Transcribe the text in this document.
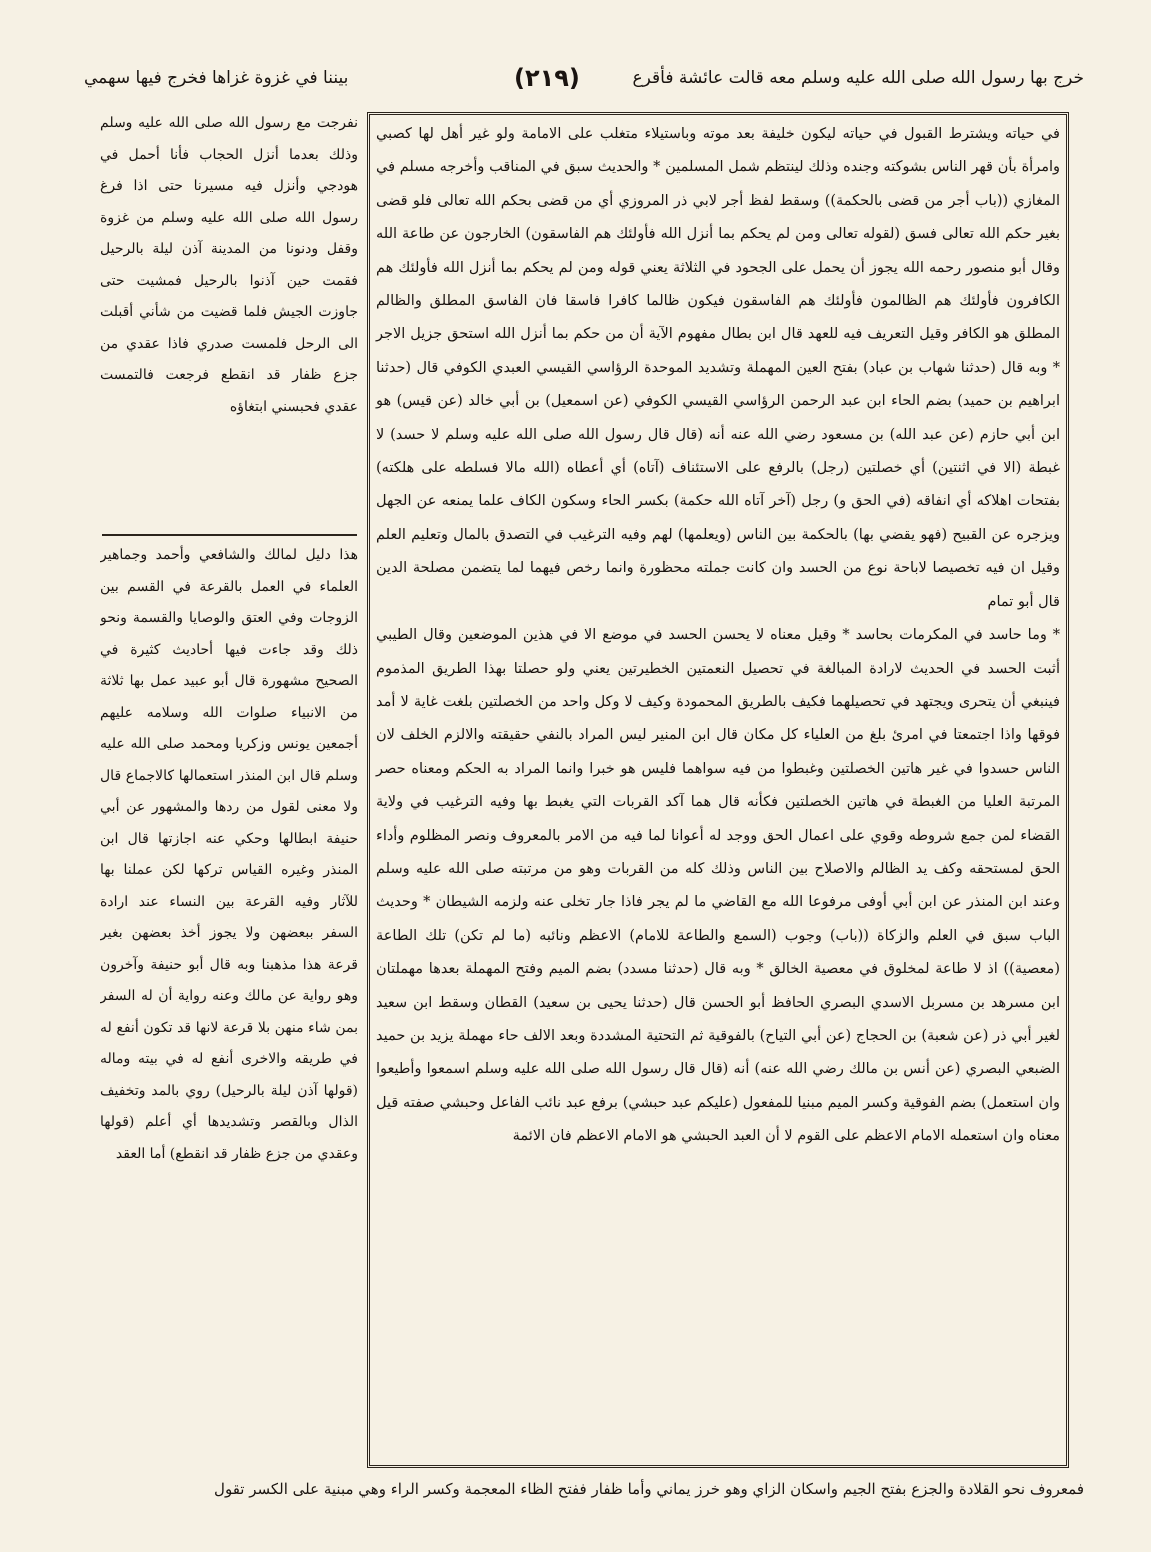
خرج بها رسول الله صلى الله عليه وسلم معه قالت عائشة فأقرع
(٢١٩)
بيننا في غزوة غزاها فخرج فيها سهمي

في حياته ويشترط القبول في حياته ليكون خليفة بعد موته وباستيلاء متغلب على الامامة ولو غير أهل لها كصبي وامرأة بأن قهر الناس بشوكته وجنده وذلك لينتظم شمل المسلمين * والحديث سبق في المناقب وأخرجه مسلم في المغازي ((باب أجر من قضى بالحكمة)) وسقط لفظ أجر لابي ذر المروزي أي من قضى بحكم الله تعالى فلو قضى بغير حكم الله تعالى فسق (لقوله تعالى ومن لم يحكم بما أنزل الله فأولئك هم الفاسقون) الخارجون عن طاعة الله وقال أبو منصور رحمه الله يجوز أن يحمل على الجحود في الثلاثة يعني قوله ومن لم يحكم بما أنزل الله فأولئك هم الكافرون فأولئك هم الظالمون فأولئك هم الفاسقون فيكون ظالما كافرا فاسقا فان الفاسق المطلق والظالم المطلق هو الكافر وقيل التعريف فيه للعهد قال ابن بطال مفهوم الآية أن من حكم بما أنزل الله استحق جزيل الاجر * وبه قال (حدثنا شهاب بن عباد) بفتح العين المهملة وتشديد الموحدة الرؤاسي القيسي العبدي الكوفي قال (حدثنا ابراهيم بن حميد) بضم الحاء ابن عبد الرحمن الرؤاسي القيسي الكوفي (عن اسمعيل) بن أبي خالد (عن قيس) هو ابن أبي حازم (عن عبد الله) بن مسعود رضي الله عنه أنه (قال قال رسول الله صلى الله عليه وسلم لا حسد) لا غبطة (الا في اثنتين) أي خصلتين (رجل) بالرفع على الاستئناف (آتاه) أي أعطاه (الله مالا فسلطه على هلكته) بفتحات اهلاكه أي انفاقه (في الحق و) رجل (آخر آتاه الله حكمة) بكسر الحاء وسكون الكاف علما يمنعه عن الجهل ويزجره عن القبيح (فهو يقضي بها) بالحكمة بين الناس (ويعلمها) لهم وفيه الترغيب في التصدق بالمال وتعليم العلم وقيل ان فيه تخصيصا لاباحة نوع من الحسد وان كانت جملته محظورة وانما رخص فيهما لما يتضمن مصلحة الدين قال أبو تمام

* وما حاسد في المكرمات بحاسد * وقيل معناه لا يحسن الحسد في موضع الا في هذين الموضعين وقال الطيبي أثبت الحسد في الحديث لارادة المبالغة في تحصيل النعمتين الخطيرتين يعني ولو حصلتا بهذا الطريق المذموم فينبغي أن يتحرى ويجتهد في تحصيلهما فكيف بالطريق المحمودة وكيف لا وكل واحد من الخصلتين بلغت غاية لا أمد فوقها واذا اجتمعتا في امرئ بلغ من العلياء كل مكان قال ابن المنير ليس المراد بالنفي حقيقته والالزم الخلف لان الناس حسدوا في غير هاتين الخصلتين وغبطوا من فيه سواهما فليس هو خبرا وانما المراد به الحكم ومعناه حصر المرتبة العليا من الغبطة في هاتين الخصلتين فكأنه قال هما آكد القربات التي يغبط بها وفيه الترغيب في ولاية القضاء لمن جمع شروطه وقوي على اعمال الحق ووجد له أعوانا لما فيه من الامر بالمعروف ونصر المظلوم وأداء الحق لمستحقه وكف يد الظالم والاصلاح بين الناس وذلك كله من القربات وهو من مرتبته صلى الله عليه وسلم وعند ابن المنذر عن ابن أبي أوفى مرفوعا الله مع القاضي ما لم يجر فاذا جار تخلى عنه ولزمه الشيطان * وحديث الباب سبق في العلم والزكاة ((باب) وجوب (السمع والطاعة للامام) الاعظم ونائبه (ما لم تكن) تلك الطاعة (معصية)) اذ لا طاعة لمخلوق في معصية الخالق * وبه قال (حدثنا مسدد) بضم الميم وفتح المهملة بعدها مهملتان ابن مسرهد بن مسربل الاسدي البصري الحافظ أبو الحسن قال (حدثنا يحيى بن سعيد) القطان وسقط ابن سعيد لغير أبي ذر (عن شعبة) بن الحجاج (عن أبي التياح) بالفوقية ثم التحتية المشددة وبعد الالف حاء مهملة يزيد بن حميد الضبعي البصري (عن أنس بن مالك رضي الله عنه) أنه (قال قال رسول الله صلى الله عليه وسلم اسمعوا وأطيعوا وان استعمل) بضم الفوقية وكسر الميم مبنيا للمفعول (عليكم عبد حبشي) برفع عبد نائب الفاعل وحبشي صفته قيل معناه وان استعمله الامام الاعظم على القوم لا أن العبد الحبشي هو الامام الاعظم فان الائمة

نفرجت مع رسول الله صلى الله عليه وسلم وذلك بعدما أنزل الحجاب فأنا أحمل في هودجي وأنزل فيه مسيرنا حتى اذا فرغ رسول الله صلى الله عليه وسلم من غزوة وقفل ودنونا من المدينة آذن ليلة بالرحيل فقمت حين آذنوا بالرحيل فمشيت حتى جاوزت الجيش فلما قضيت من شأني أقبلت الى الرحل فلمست صدري فاذا عقدي من جزع ظفار قد انقطع فرجعت فالتمست عقدي فحبسني ابتغاؤه

هذا دليل لمالك والشافعي وأحمد وجماهير العلماء في العمل بالقرعة في القسم بين الزوجات وفي العتق والوصايا والقسمة ونحو ذلك وقد جاءت فيها أحاديث كثيرة في الصحيح مشهورة قال أبو عبيد عمل بها ثلاثة من الانبياء صلوات الله وسلامه عليهم أجمعين يونس وزكريا ومحمد صلى الله عليه وسلم قال ابن المنذر استعمالها كالاجماع قال ولا معنى لقول من ردها والمشهور عن أبي حنيفة ابطالها وحكي عنه اجازتها قال ابن المنذر وغيره القياس تركها لكن عملنا بها للآثار وفيه القرعة بين النساء عند ارادة السفر ببعضهن ولا يجوز أخذ بعضهن بغير قرعة هذا مذهبنا وبه قال أبو حنيفة وآخرون وهو رواية عن مالك وعنه رواية أن له السفر بمن شاء منهن بلا قرعة لانها قد تكون أنفع له في طريقه والاخرى أنفع له في بيته وماله (قولها آذن ليلة بالرحيل) روي بالمد وتخفيف الذال وبالقصر وتشديدها أي أعلم (قولها وعقدي من جزع ظفار قد انقطع) أما العقد

فمعروف نحو القلادة والجزع بفتح الجيم واسكان الزاي وهو خرز يماني وأما ظفار ففتح الظاء المعجمة وكسر الراء وهي مبنية على الكسر تقول
